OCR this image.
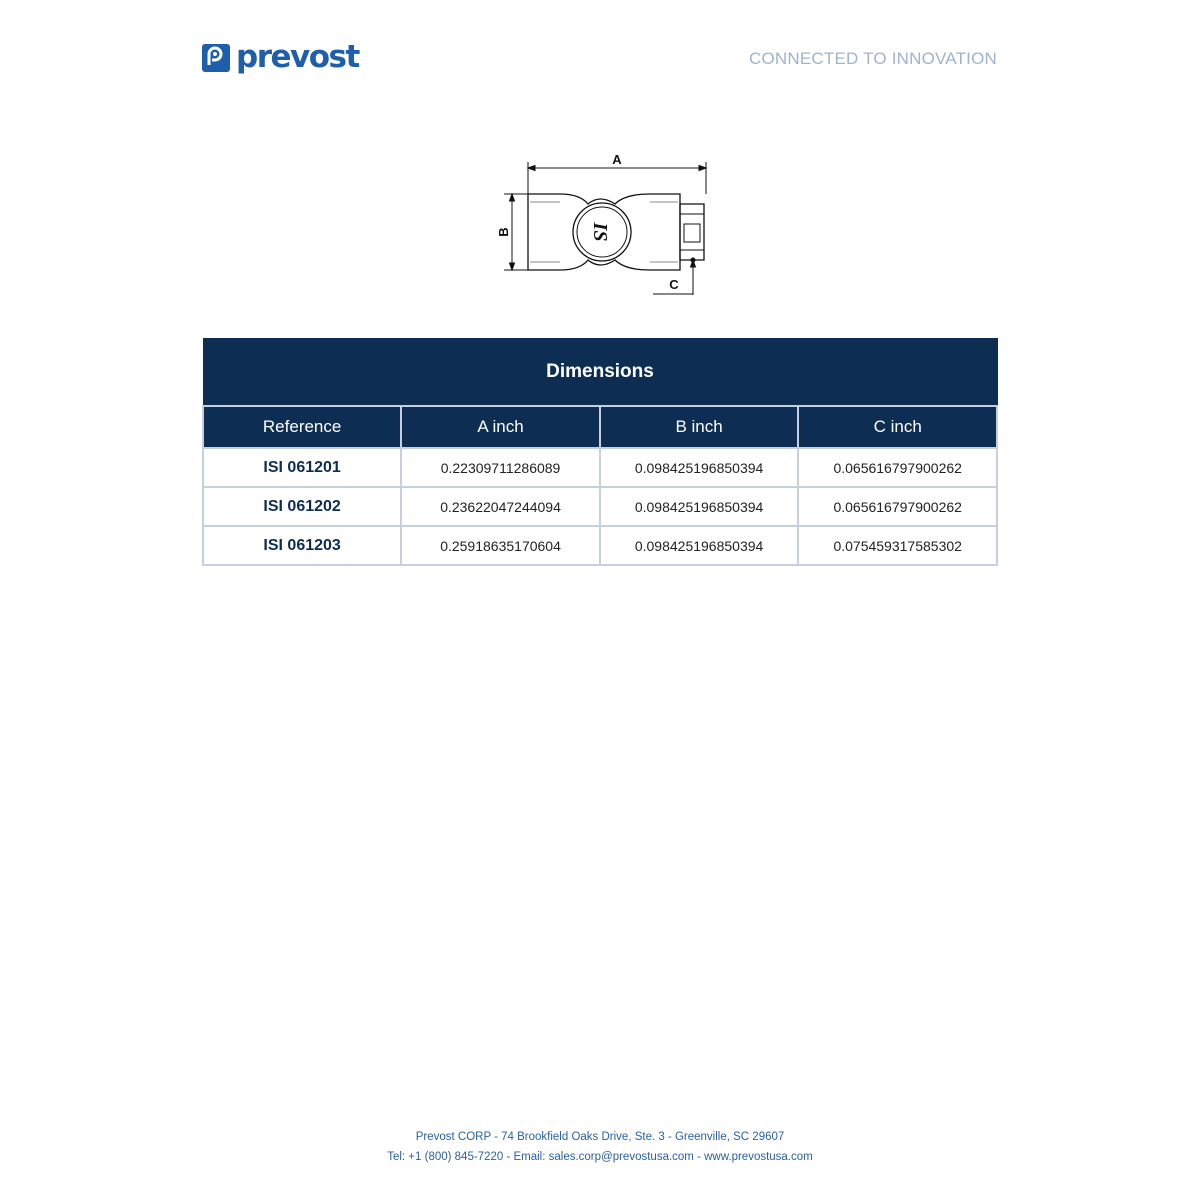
prevost	CONNECTED TO INNOVATION
IS
A
B
C
Dimensions			
Reference	A inch	B inch	C inch
ISI 061201	0.22309711286089	0.098425196850394	0.065616797900262
ISI 061202	0.23622047244094	0.098425196850394	0.065616797900262
ISI 061203	0.25918635170604	0.098425196850394	0.075459317585302
Prevost CORP - 74 Brookfield Oaks Drive, Ste. 3 - Greenville, SC 29607
Tel: +1 (800) 845-7220 - Email: sales.corp@prevostusa.com - www.prevostusa.com
